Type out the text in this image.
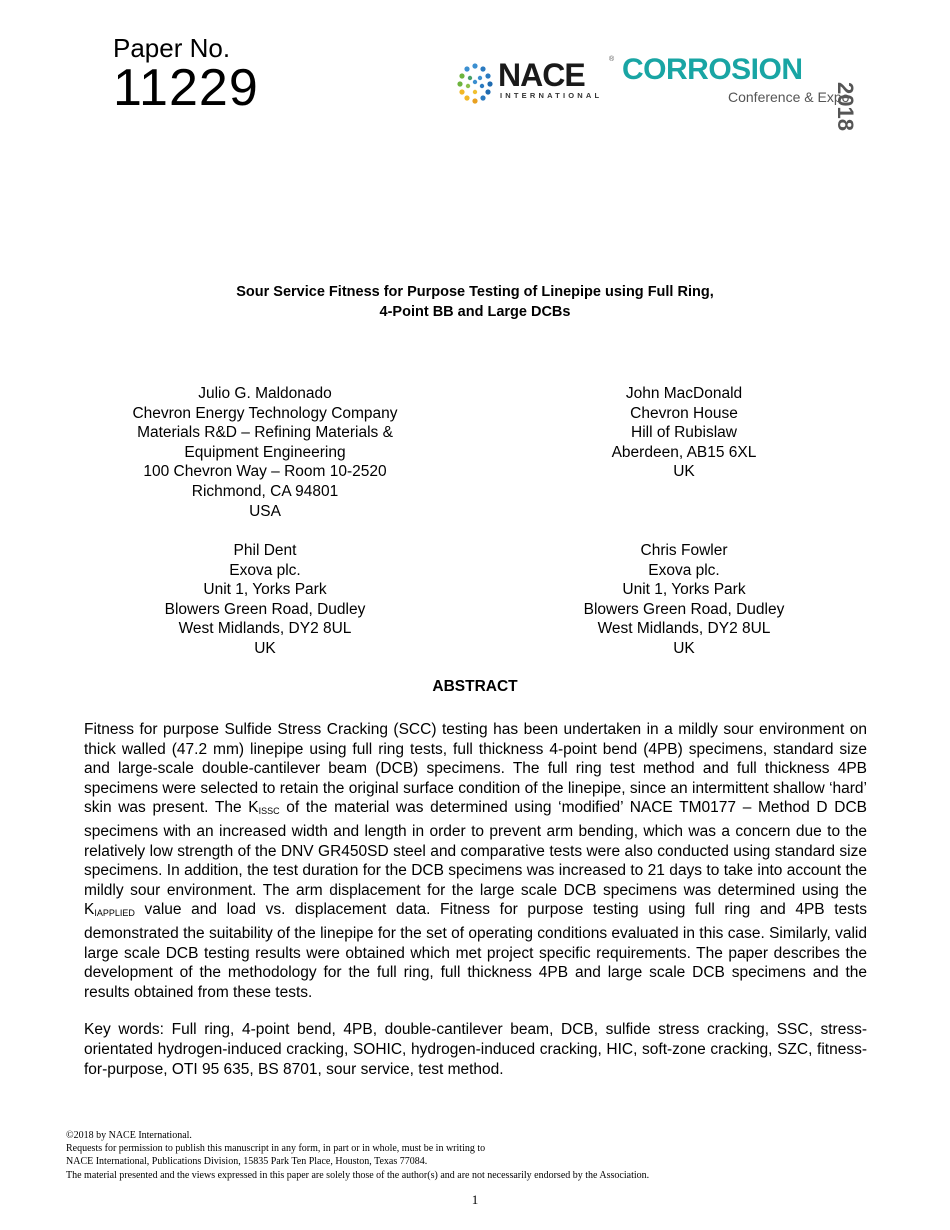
Paper No.
11229	NACE	®
INTERNATIONAL
CORROSION
Conference & Expo
2018
Sour Service Fitness for Purpose Testing of Linepipe using Full Ring,
4-Point BB and Large DCBs
Julio G. Maldonado
Chevron Energy Technology Company
Materials R&D – Refining Materials &
Equipment Engineering
100 Chevron Way – Room 10-2520
Richmond, CA 94801
USA
John MacDonald
Chevron House
Hill of Rubislaw
Aberdeen, AB15 6XL
UK
Phil Dent
Exova plc.
Unit 1, Yorks Park
Blowers Green Road, Dudley
West Midlands, DY2 8UL
UK
Chris Fowler
Exova plc.
Unit 1, Yorks Park
Blowers Green Road, Dudley
West Midlands, DY2 8UL
UK
ABSTRACT

Fitness for purpose Sulfide Stress Cracking (SCC) testing has been undertaken in a mildly sour environment on thick walled (47.2 mm) linepipe using full ring tests, full thickness 4-point bend (4PB) specimens, standard size and large-scale double-cantilever beam (DCB) specimens. The full ring test method and full thickness 4PB specimens were selected to retain the original surface condition of the linepipe, since an intermittent shallow ‘hard’ skin was present. The $K_{ISSC}$ of the material was determined using ‘modified’ NACE TM0177 – Method D DCB specimens with an increased width and length in order to prevent arm bending, which was a concern due to the relatively low strength of the DNV GR450SD steel and comparative tests were also conducted using standard size specimens. In addition, the test duration for the DCB specimens was increased to 21 days to take into account the mildly sour environment. The arm displacement for the large scale DCB specimens was determined using the $K_{IAPPLIED}$ value and load vs. displacement data. Fitness for purpose testing using full ring and 4PB tests demonstrated the suitability of the linepipe for the set of operating conditions evaluated in this case. Similarly, valid large scale DCB testing results were obtained which met project specific requirements. The paper describes the development of the methodology for the full ring, full thickness 4PB and large scale DCB specimens and the results obtained from these tests.

Key words: Full ring, 4-point bend, 4PB, double-cantilever beam, DCB, sulfide stress cracking, SSC, stress-orientated hydrogen-induced cracking, SOHIC, hydrogen-induced cracking, HIC, soft-zone cracking, SZC, fitness-for-purpose, OTI 95 635, BS 8701, sour service, test method.

©2018 by NACE International.
Requests for permission to publish this manuscript in any form, in part or in whole, must be in writing to
NACE International, Publications Division, 15835 Park Ten Place, Houston, Texas 77084.
The material presented and the views expressed in this paper are solely those of the author(s) and are not necessarily endorsed by the Association.
1
